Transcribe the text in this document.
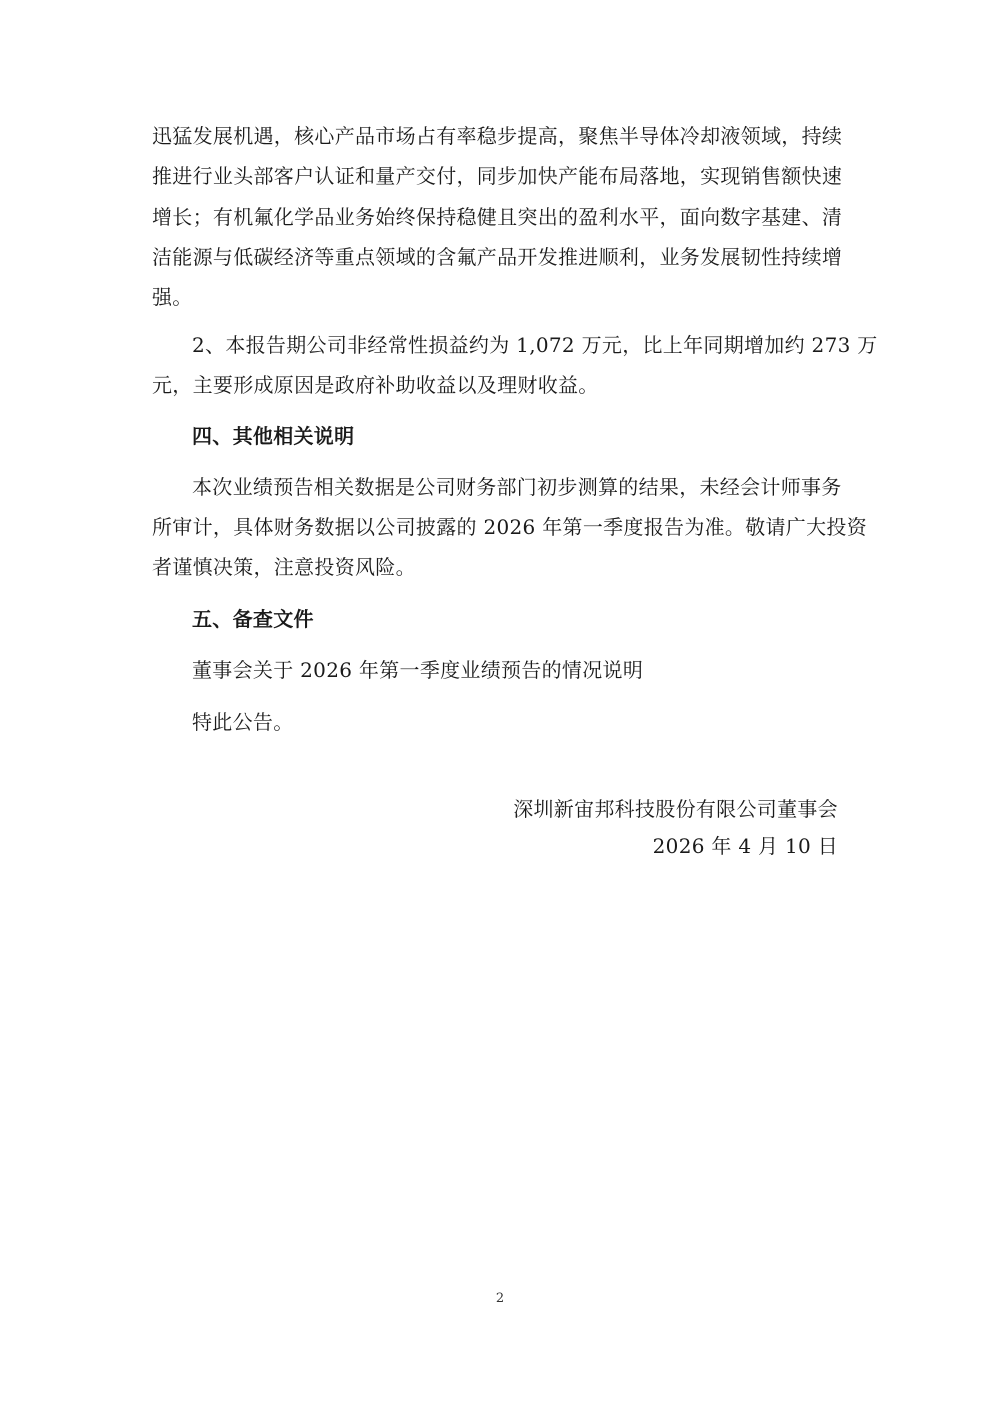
迅猛发展机遇，核心产品市场占有率稳步提高，聚焦半导体冷却液领域，持续
推进行业头部客户认证和量产交付，同步加快产能布局落地，实现销售额快速
增长；有机氟化学品业务始终保持稳健且突出的盈利水平，面向数字基建、清
洁能源与低碳经济等重点领域的含氟产品开发推进顺利，业务发展韧性持续增
强。
2、本报告期公司非经常性损益约为 1,072 万元，比上年同期增加约 273 万
元，主要形成原因是政府补助收益以及理财收益。
四、其他相关说明
本次业绩预告相关数据是公司财务部门初步测算的结果，未经会计师事务
所审计，具体财务数据以公司披露的 2026 年第一季度报告为准。敬请广大投资
者谨慎决策，注意投资风险。
五、备查文件
董事会关于 2026 年第一季度业绩预告的情况说明
特此公告。
深圳新宙邦科技股份有限公司董事会
2026 年 4 月 10 日
2
